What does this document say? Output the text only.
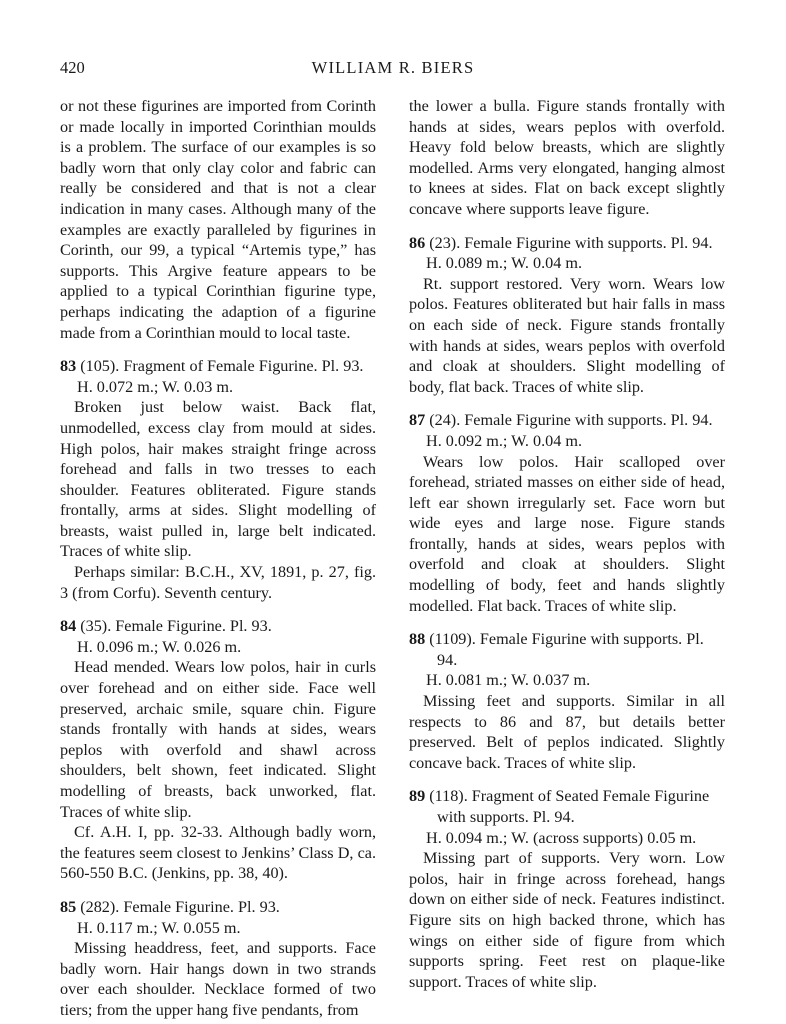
420	WILLIAM R. BIERS

or not these figurines are imported from Corinth or made locally in imported Corinthian moulds is a problem. The surface of our examples is so badly worn that only clay color and fabric can really be considered and that is not a clear indication in many cases. Although many of the examples are exactly paralleled by figurines in Corinth, our 99, a typical “Artemis type,” has supports. This Argive feature appears to be applied to a typical Corinthian figurine type, perhaps indicating the adaption of a figurine made from a Corinthian mould to local taste.

83 (105). Fragment of Female Figurine. Pl. 93.

H. 0.072 m.; W. 0.03 m.

Broken just below waist. Back flat, unmodelled, excess clay from mould at sides. High polos, hair makes straight fringe across forehead and falls in two tresses to each shoulder. Features obliterated. Figure stands frontally, arms at sides. Slight modelling of breasts, waist pulled in, large belt indicated. Traces of white slip.

Perhaps similar: B.C.H., XV, 1891, p. 27, fig. 3 (from Corfu). Seventh century.

84 (35). Female Figurine. Pl. 93.

H. 0.096 m.; W. 0.026 m.

Head mended. Wears low polos, hair in curls over forehead and on either side. Face well preserved, archaic smile, square chin. Figure stands frontally with hands at sides, wears peplos with overfold and shawl across shoulders, belt shown, feet indicated. Slight modelling of breasts, back unworked, flat. Traces of white slip.

Cf. A.H. I, pp. 32-33. Although badly worn, the features seem closest to Jenkins’ Class D, ca. 560-550 B.C. (Jenkins, pp. 38, 40).

85 (282). Female Figurine. Pl. 93.

H. 0.117 m.; W. 0.055 m.

Missing headdress, feet, and supports. Face badly worn. Hair hangs down in two strands over each shoulder. Necklace formed of two tiers; from the upper hang five pendants, from

the lower a bulla. Figure stands frontally with hands at sides, wears peplos with overfold. Heavy fold below breasts, which are slightly modelled. Arms very elongated, hanging almost to knees at sides. Flat on back except slightly concave where supports leave figure.

86 (23). Female Figurine with supports. Pl. 94.

H. 0.089 m.; W. 0.04 m.

Rt. support restored. Very worn. Wears low polos. Features obliterated but hair falls in mass on each side of neck. Figure stands frontally with hands at sides, wears peplos with overfold and cloak at shoulders. Slight modelling of body, flat back. Traces of white slip.

87 (24). Female Figurine with supports. Pl. 94.

H. 0.092 m.; W. 0.04 m.

Wears low polos. Hair scalloped over forehead, striated masses on either side of head, left ear shown irregularly set. Face worn but wide eyes and large nose. Figure stands frontally, hands at sides, wears peplos with overfold and cloak at shoulders. Slight modelling of body, feet and hands slightly modelled. Flat back. Traces of white slip.

88 (1109). Female Figurine with supports. Pl. 94.

H. 0.081 m.; W. 0.037 m.

Missing feet and supports. Similar in all respects to 86 and 87, but details better preserved. Belt of peplos indicated. Slightly concave back. Traces of white slip.

89 (118). Fragment of Seated Female Figurine with supports. Pl. 94.

H. 0.094 m.; W. (across supports) 0.05 m.

Missing part of supports. Very worn. Low polos, hair in fringe across forehead, hangs down on either side of neck. Features indistinct. Figure sits on high backed throne, which has wings on either side of figure from which supports spring. Feet rest on plaque-like support. Traces of white slip.
